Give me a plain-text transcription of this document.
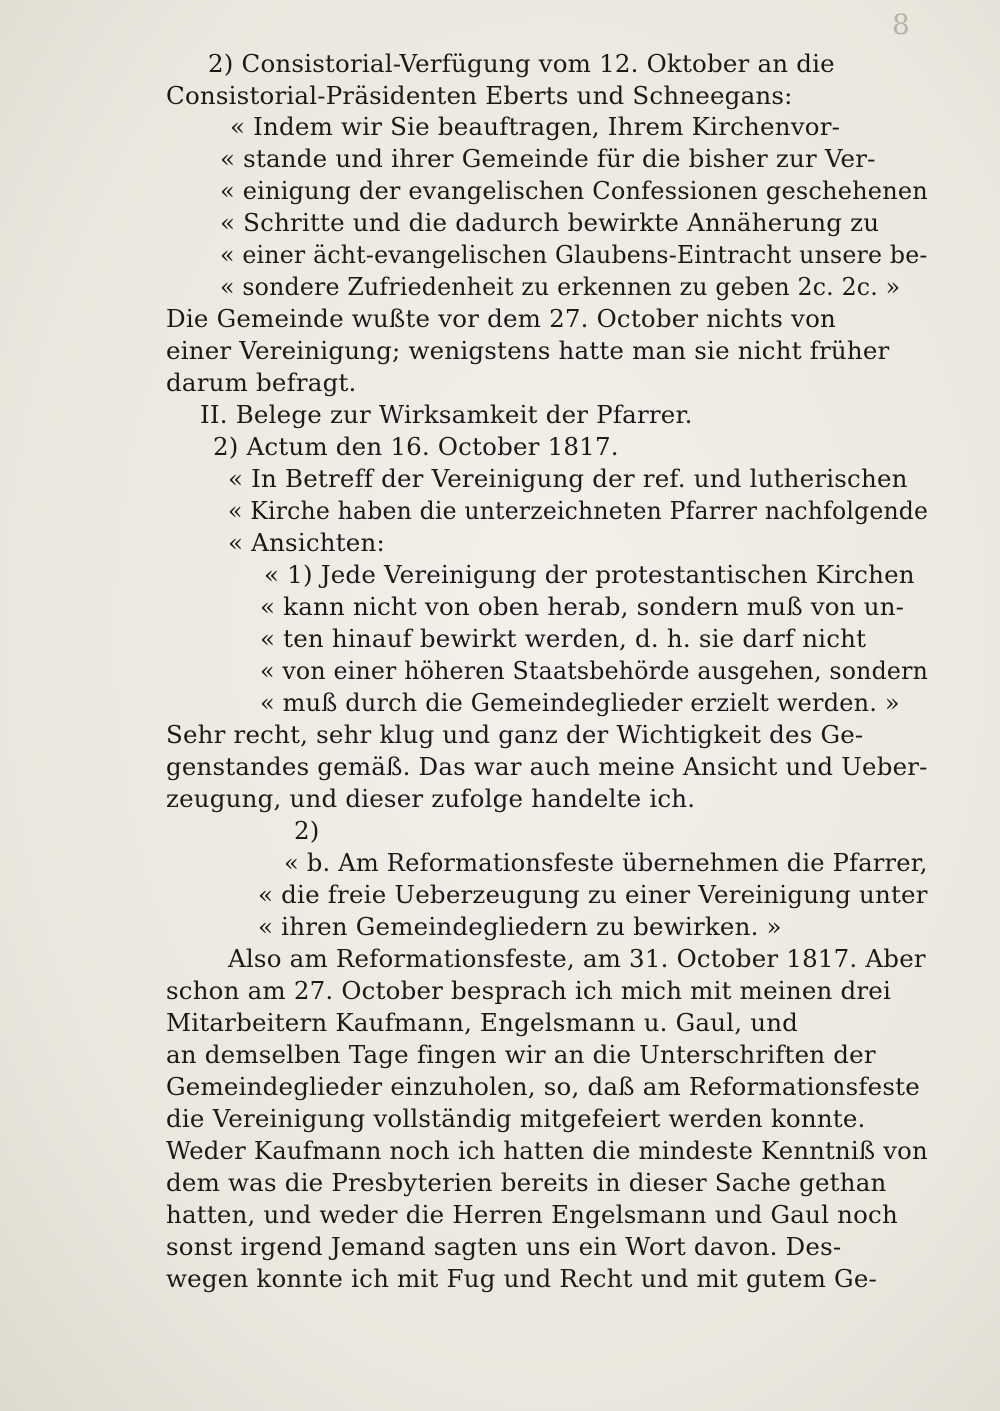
8
2) Consistorial-Verfügung vom 12. Oktober an die
Consistorial-Präsidenten Eberts und Schneegans:
« Indem wir Sie beauftragen, Ihrem Kirchenvor-
« stande und ihrer Gemeinde für die bisher zur Ver-
« einigung der evangelischen Confessionen geschehenen
« Schritte und die dadurch bewirkte Annäherung zu
« einer ächt-evangelischen Glaubens-Eintracht unsere be-
« sondere Zufriedenheit zu erkennen zu geben 2c. 2c. »
Die Gemeinde wußte vor dem 27. October nichts von
einer Vereinigung; wenigstens hatte man sie nicht früher
darum befragt.
II. Belege zur Wirksamkeit der Pfarrer.
2) Actum den 16. October 1817.
« In Betreff der Vereinigung der ref. und lutherischen
« Kirche haben die unterzeichneten Pfarrer nachfolgende
« Ansichten:
« 1) Jede Vereinigung der protestantischen Kirchen
« kann nicht von oben herab, sondern muß von un-
« ten hinauf bewirkt werden, d. h. sie darf nicht
« von einer höheren Staatsbehörde ausgehen, sondern
« muß durch die Gemeindeglieder erzielt werden. »
Sehr recht, sehr klug und ganz der Wichtigkeit des Ge-
genstandes gemäß. Das war auch meine Ansicht und Ueber-
zeugung, und dieser zufolge handelte ich.
2)
« b. Am Reformationsfeste übernehmen die Pfarrer,
« die freie Ueberzeugung zu einer Vereinigung unter
« ihren Gemeindegliedern zu bewirken. »
Also am Reformationsfeste, am 31. October 1817. Aber
schon am 27. October besprach ich mich mit meinen drei
Mitarbeitern Kaufmann, Engelsmann u. Gaul, und
an demselben Tage fingen wir an die Unterschriften der
Gemeindeglieder einzuholen, so, daß am Reformationsfeste
die Vereinigung vollständig mitgefeiert werden konnte.
Weder Kaufmann noch ich hatten die mindeste Kenntniß von
dem was die Presbyterien bereits in dieser Sache gethan
hatten, und weder die Herren Engelsmann und Gaul noch
sonst irgend Jemand sagten uns ein Wort davon. Des-
wegen konnte ich mit Fug und Recht und mit gutem Ge-
